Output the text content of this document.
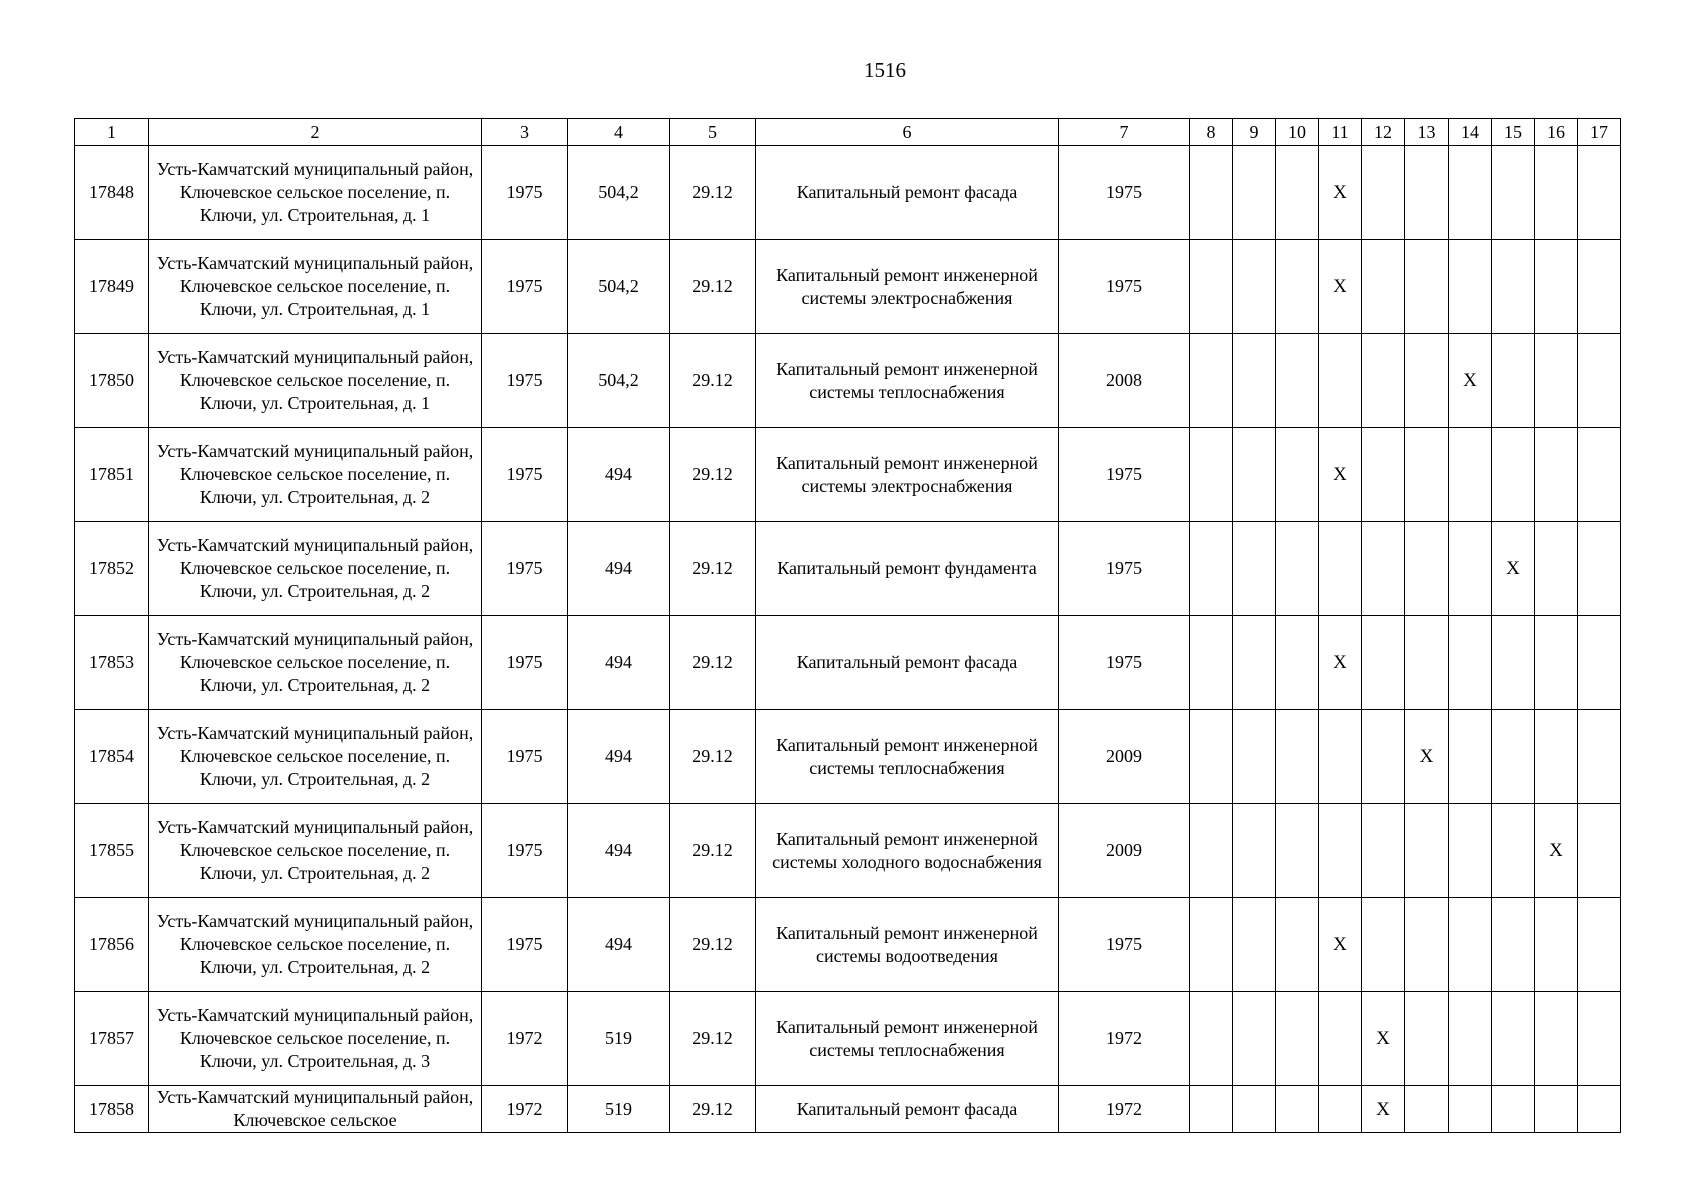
1516
1	2	3	4	5	6	7	8	9	10	11	12	13	14	15	16	17
17848	Усть-Камчатский муниципальный район, Ключевское сельское поселение, п. Ключи, ул. Строительная, д. 1	1975	504,2	29.12	Капитальный ремонт фасада	1975				X						
17849	Усть-Камчатский муниципальный район, Ключевское сельское поселение, п. Ключи, ул. Строительная, д. 1	1975	504,2	29.12	Капитальный ремонт инженерной системы электроснабжения	1975				X						
17850	Усть-Камчатский муниципальный район, Ключевское сельское поселение, п. Ключи, ул. Строительная, д. 1	1975	504,2	29.12	Капитальный ремонт инженерной системы теплоснабжения	2008							X			
17851	Усть-Камчатский муниципальный район, Ключевское сельское поселение, п. Ключи, ул. Строительная, д. 2	1975	494	29.12	Капитальный ремонт инженерной системы электроснабжения	1975				X						
17852	Усть-Камчатский муниципальный район, Ключевское сельское поселение, п. Ключи, ул. Строительная, д. 2	1975	494	29.12	Капитальный ремонт фундамента	1975								X		
17853	Усть-Камчатский муниципальный район, Ключевское сельское поселение, п. Ключи, ул. Строительная, д. 2	1975	494	29.12	Капитальный ремонт фасада	1975				X						
17854	Усть-Камчатский муниципальный район, Ключевское сельское поселение, п. Ключи, ул. Строительная, д. 2	1975	494	29.12	Капитальный ремонт инженерной системы теплоснабжения	2009						X				
17855	Усть-Камчатский муниципальный район, Ключевское сельское поселение, п. Ключи, ул. Строительная, д. 2	1975	494	29.12	Капитальный ремонт инженерной системы холодного водоснабжения	2009									X	
17856	Усть-Камчатский муниципальный район, Ключевское сельское поселение, п. Ключи, ул. Строительная, д. 2	1975	494	29.12	Капитальный ремонт инженерной системы водоотведения	1975				X						
17857	Усть-Камчатский муниципальный район, Ключевское сельское поселение, п. Ключи, ул. Строительная, д. 3	1972	519	29.12	Капитальный ремонт инженерной системы теплоснабжения	1972					X					
17858	Усть-Камчатский муниципальный район, Ключевское сельское	1972	519	29.12	Капитальный ремонт фасада	1972					X					
